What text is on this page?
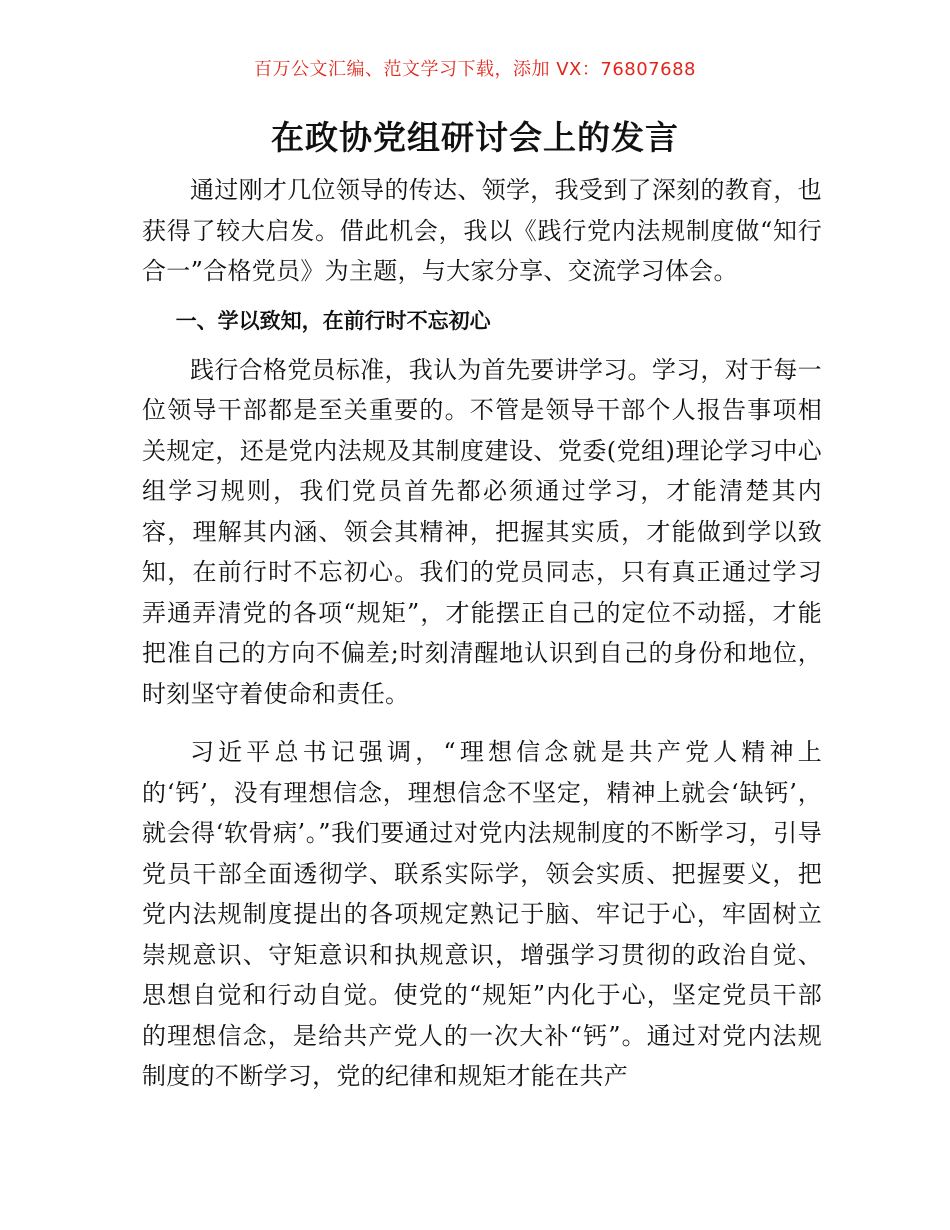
百万公文汇编、范文学习下载，添加 VX：76807688
在政协党组研讨会上的发言

通过刚才几位领导的传达、领学，我受到了深刻的教育，也获得了较大启发。借此机会，我以《践行党内法规制度做“知行合一”合格党员》为主题，与大家分享、交流学习体会。

一、学以致知，在前行时不忘初心

践行合格党员标准，我认为首先要讲学习。学习，对于每一位领导干部都是至关重要的。不管是领导干部个人报告事项相关规定，还是党内法规及其制度建设、党委(党组)理论学习中心组学习规则，我们党员首先都必须通过学习，才能清楚其内容，理解其内涵、领会其精神，把握其实质，才能做到学以致知，在前行时不忘初心。我们的党员同志，只有真正通过学习弄通弄清党的各项“规矩”，才能摆正自己的定位不动摇，才能把准自己的方向不偏差;时刻清醒地认识到自己的身份和地位，时刻坚守着使命和责任。

习近平总书记强调，“理想信念就是共产党人精神上的‘钙’，没有理想信念，理想信念不坚定，精神上就会‘缺钙’，就会得‘软骨病’。”我们要通过对党内法规制度的不断学习，引导党员干部全面透彻学、联系实际学，领会实质、把握要义，把党内法规制度提出的各项规定熟记于脑、牢记于心，牢固树立崇规意识、守矩意识和执规意识，增强学习贯彻的政治自觉、思想自觉和行动自觉。使党的“规矩”内化于心，坚定党员干部的理想信念，是给共产党人的一次大补“钙”。通过对党内法规制度的不断学习，党的纪律和规矩才能在共产
